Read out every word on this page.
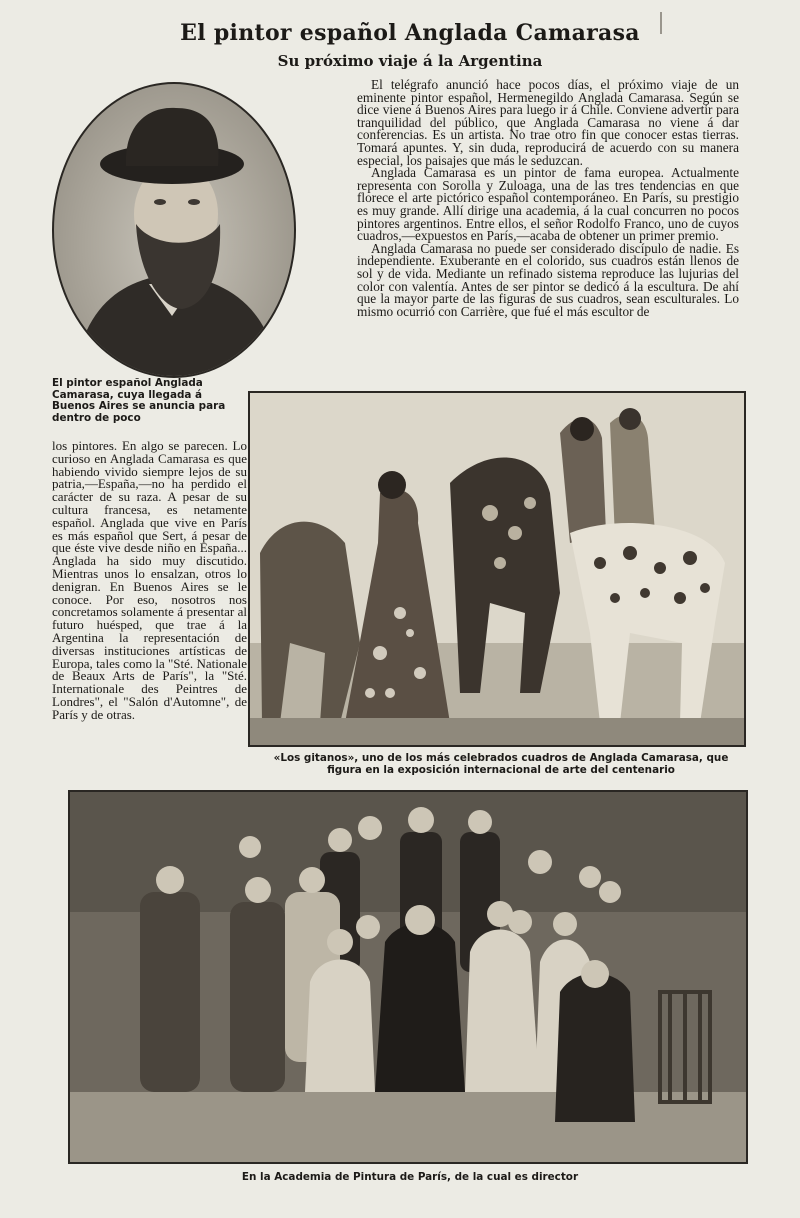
El pintor español Anglada Camarasa
Su próximo viaje á la Argentina

El telégrafo anunció hace pocos días, el próximo viaje de un eminente pintor español, Hermenegildo Anglada Camarasa. Según se dice viene á Buenos Aires para luego ir á Chile. Conviene advertir para tranquilidad del público, que Anglada Camarasa no viene á dar conferencias. Es un artista. No trae otro fin que conocer estas tierras. Tomará apuntes. Y, sin duda, reproducirá de acuerdo con su manera especial, los paisajes que más le seduzcan.

Anglada Camarasa es un pintor de fama europea. Actualmente representa con Sorolla y Zuloaga, una de las tres tendencias en que florece el arte pictórico español contemporáneo. En París, su prestigio es muy grande. Allí dirige una academia, á la cual concurren no pocos pintores argentinos. Entre ellos, el señor Rodolfo Franco, uno de cuyos cuadros,—expuestos en París,—acaba de obtener un primer premio.

Anglada Camarasa no puede ser considerado discípulo de nadie. Es independiente. Exuberante en el colorido, sus cuadros están llenos de sol y de vida. Mediante un refinado sistema reproduce las lujurias del color con valentía. Antes de ser pintor se dedicó á la escultura. De ahí que la mayor parte de las figuras de sus cuadros, sean esculturales. Lo mismo ocurrió con Carrière, que fué el más escultor de

El pintor español Anglada Camarasa, cuya llegada á Buenos Aires se anuncia para dentro de poco

los pintores. En algo se parecen. Lo curioso en Anglada Camarasa es que habiendo vivido siempre lejos de su patria,—España,—no ha perdido el carácter de su raza. A pesar de su cultura francesa, es netamente español. Anglada que vive en París es más español que Sert, á pesar de que éste vive desde niño en España... Anglada ha sido muy discutido. Mientras unos lo ensalzan, otros lo denigran. En Buenos Aires se le conoce. Por eso, nosotros nos concretamos solamente á presentar al futuro huésped, que trae á la Argentina la representación de diversas instituciones artísticas de Europa, tales como la "Sté. Nationale de Beaux Arts de París", la "Sté. Internationale des Peintres de Londres", el "Salón d'Automne", de París y de otras.

«Los gitanos», uno de los más celebrados cuadros de Anglada Camarasa, que figura en la exposición internacional de arte del centenario

En la Academia de Pintura de París, de la cual es director
